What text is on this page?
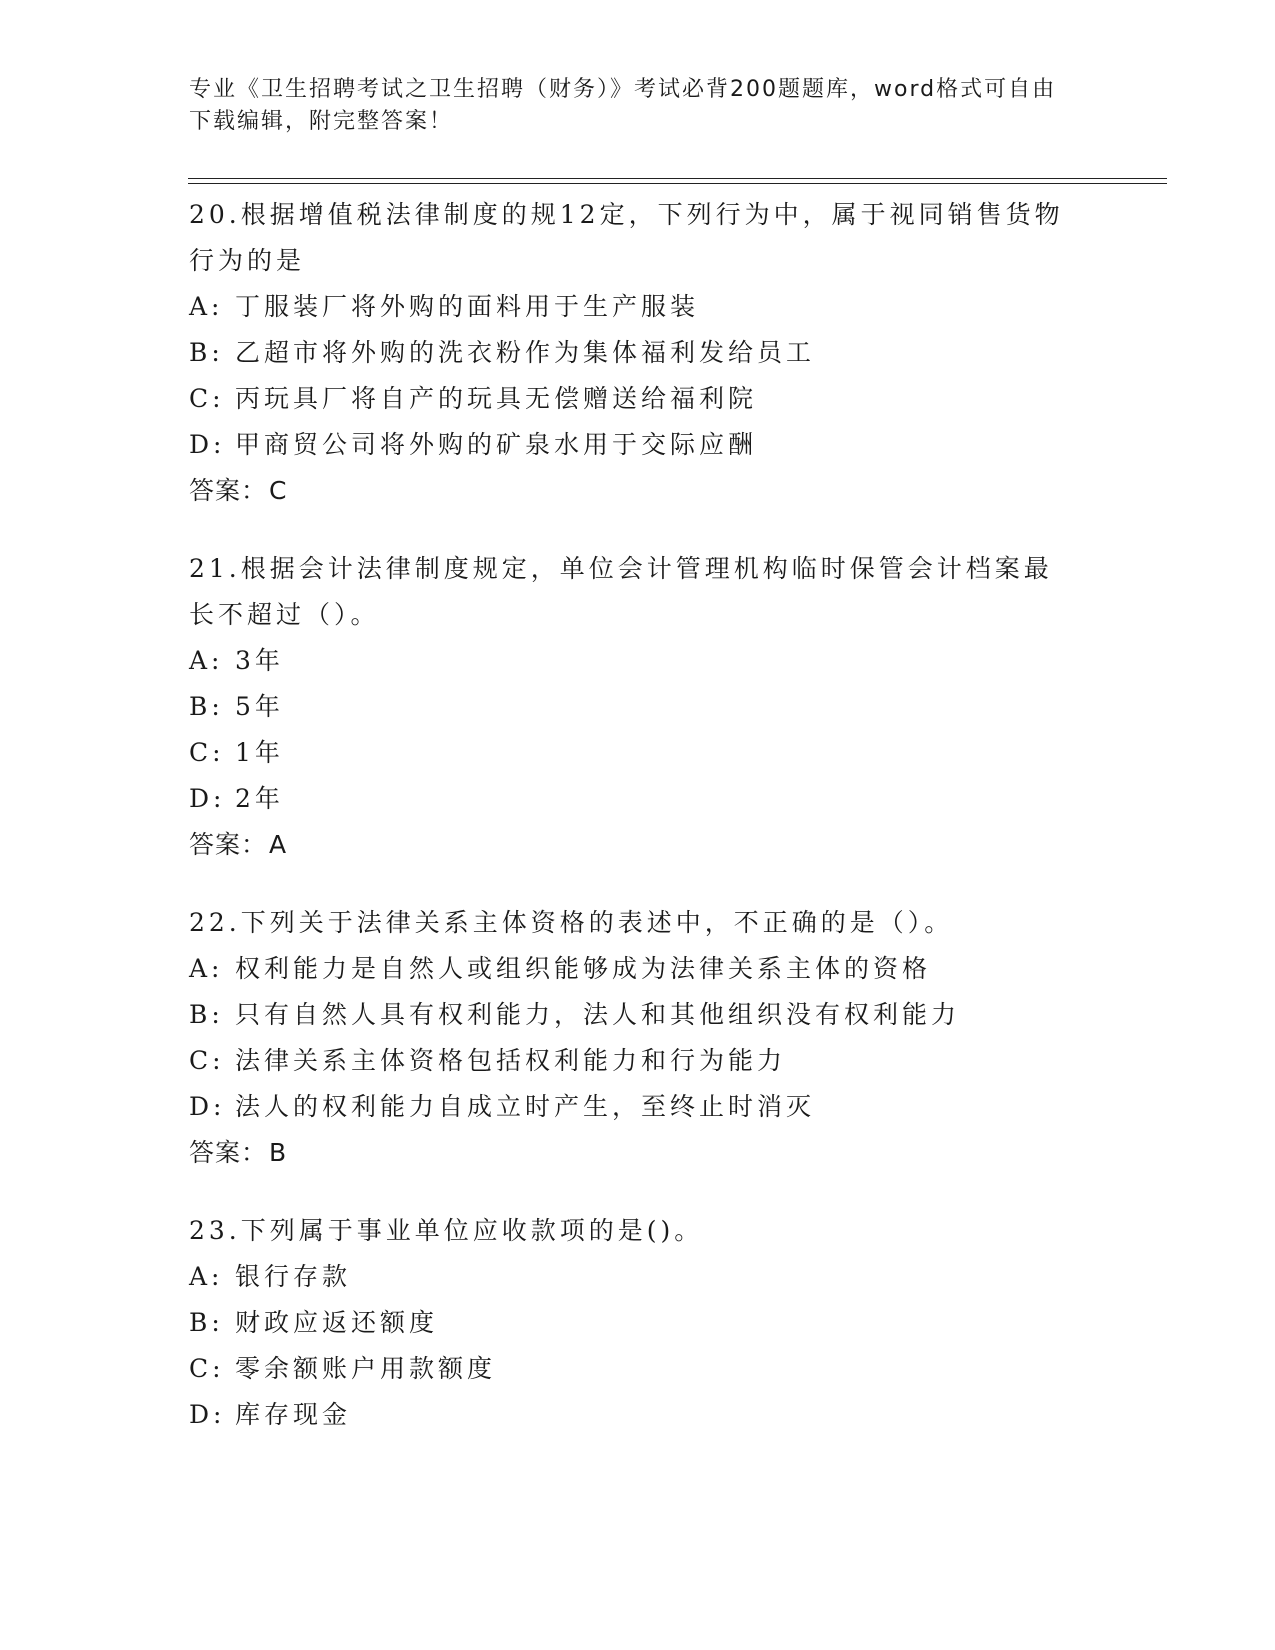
专业《卫生招聘考试之卫生招聘（财务）》考试必背200题题库，word格式可自由下载编辑，附完整答案！
20.根据增值税法律制度的规12定，下列行为中，属于视同销售货物行为的是
A: 丁服装厂将外购的面料用于生产服装
B: 乙超市将外购的洗衣粉作为集体福利发给员工
C: 丙玩具厂将自产的玩具无偿赠送给福利院
D: 甲商贸公司将外购的矿泉水用于交际应酬
答案：C
21.根据会计法律制度规定，单位会计管理机构临时保管会计档案最长不超过（）。
A: 3年
B: 5年
C: 1年
D: 2年
答案：A
22.下列关于法律关系主体资格的表述中，不正确的是（）。
A: 权利能力是自然人或组织能够成为法律关系主体的资格
B: 只有自然人具有权利能力，法人和其他组织没有权利能力
C: 法律关系主体资格包括权利能力和行为能力
D: 法人的权利能力自成立时产生，至终止时消灭
答案：B
23.下列属于事业单位应收款项的是()。
A: 银行存款
B: 财政应返还额度
C: 零余额账户用款额度
D: 库存现金
